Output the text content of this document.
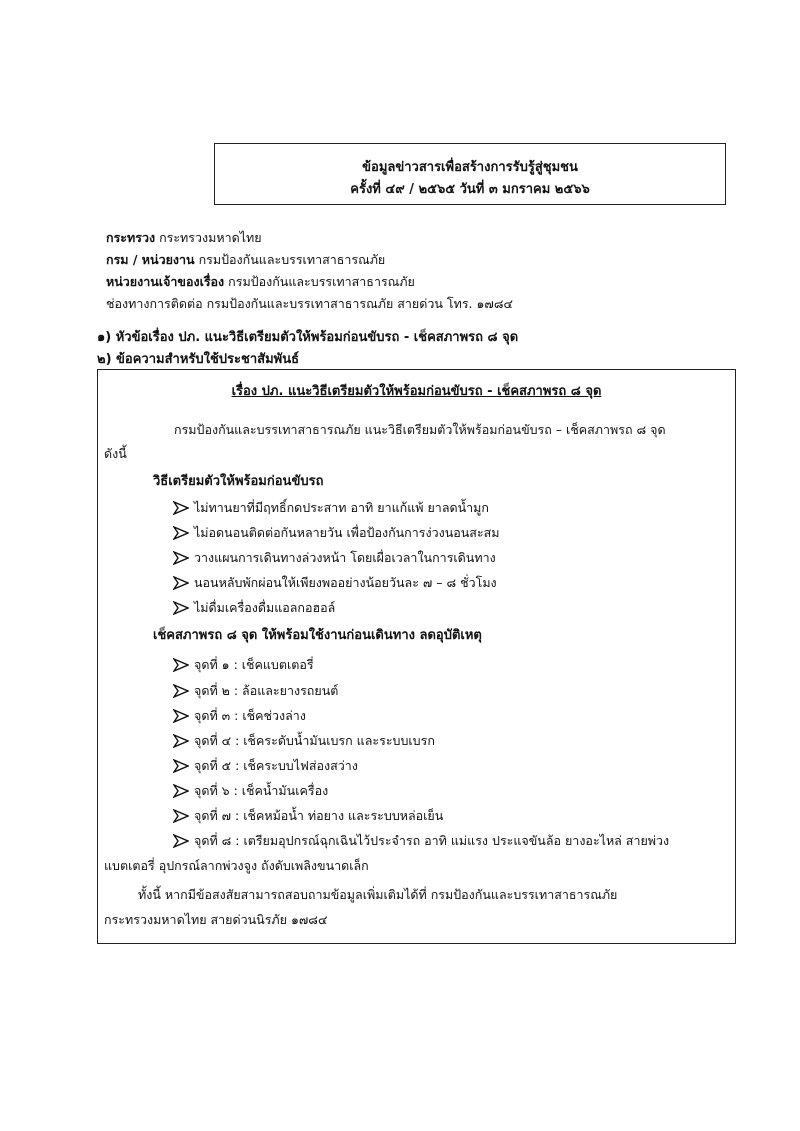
ข้อมูลข่าวสารเพื่อสร้างการรับรู้สู่ชุมชน
ครั้งที่ ๔๙ / ๒๕๖๕ วันที่ ๓ มกราคม ๒๕๖๖
กระทรวง กระทรวงมหาดไทย
กรม / หน่วยงาน กรมป้องกันและบรรเทาสาธารณภัย
หน่วยงานเจ้าของเรื่อง กรมป้องกันและบรรเทาสาธารณภัย
ช่องทางการติดต่อ กรมป้องกันและบรรเทาสาธารณภัย สายด่วน โทร. ๑๗๘๔
๑) หัวข้อเรื่อง ปภ. แนะวิธีเตรียมตัวให้พร้อมก่อนขับรถ - เช็คสภาพรถ ๘ จุด
๒) ข้อความสำหรับใช้ประชาสัมพันธ์
เรื่อง ปภ. แนะวิธีเตรียมตัวให้พร้อมก่อนขับรถ - เช็คสภาพรถ ๘ จุด
กรมป้องกันและบรรเทาสาธารณภัย แนะวิธีเตรียมตัวให้พร้อมก่อนขับรถ – เช็คสภาพรถ ๘ จุด
ดังนี้
วิธีเตรียมตัวให้พร้อมก่อนขับรถ
ไม่ทานยาที่มีฤทธิ์กดประสาท อาทิ ยาแก้แพ้ ยาลดน้ำมูก
ไม่อดนอนติดต่อกันหลายวัน เพื่อป้องกันการง่วงนอนสะสม
วางแผนการเดินทางล่วงหน้า โดยเผื่อเวลาในการเดินทาง
นอนหลับพักผ่อนให้เพียงพออย่างน้อยวันละ ๗ – ๘ ชั่วโมง
ไม่ดื่มเครื่องดื่มแอลกอฮอล์
เช็คสภาพรถ ๘ จุด ให้พร้อมใช้งานก่อนเดินทาง ลดอุบัติเหตุ
จุดที่ ๑ : เช็คแบตเตอรี่
จุดที่ ๒ : ล้อและยางรถยนต์
จุดที่ ๓ : เช็คช่วงล่าง
จุดที่ ๔ : เช็คระดับน้ำมันเบรก และระบบเบรก
จุดที่ ๕ : เช็คระบบไฟส่องสว่าง
จุดที่ ๖ : เช็คน้ำมันเครื่อง
จุดที่ ๗ : เช็คหม้อน้ำ ท่อยาง และระบบหล่อเย็น
จุดที่ ๘ : เตรียมอุปกรณ์ฉุกเฉินไว้ประจำรถ อาทิ แม่แรง ประแจขันล้อ ยางอะไหล่ สายพ่วง
แบตเตอรี่ อุปกรณ์ลากพ่วงจูง ถังดับเพลิงขนาดเล็ก
ทั้งนี้ หากมีข้อสงสัยสามารถสอบถามข้อมูลเพิ่มเติมได้ที่ กรมป้องกันและบรรเทาสาธารณภัย
กระทรวงมหาดไทย สายด่วนนิรภัย ๑๗๘๔
